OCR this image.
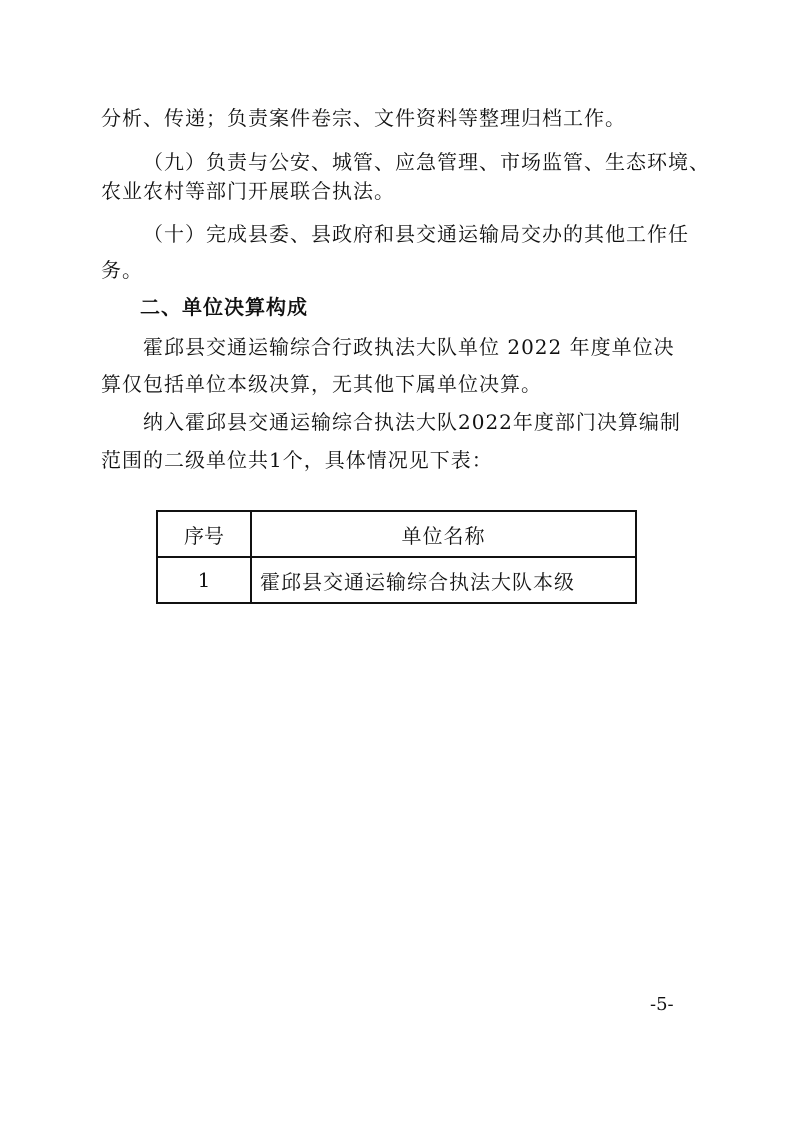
分析、传递；负责案件卷宗、文件资料等整理归档工作。
（九）负责与公安、城管、应急管理、市场监管、生态环境、
农业农村等部门开展联合执法。
（十）完成县委、县政府和县交通运输局交办的其他工作任
务。
二、单位决算构成
霍邱县交通运输综合行政执法大队单位 2022 年度单位决
算仅包括单位本级决算，无其他下属单位决算。
纳入霍邱县交通运输综合执法大队2022年度部门决算编制
范围的二级单位共1个，具体情况见下表：
序号	单位名称
1	霍邱县交通运输综合执法大队本级
-5-
